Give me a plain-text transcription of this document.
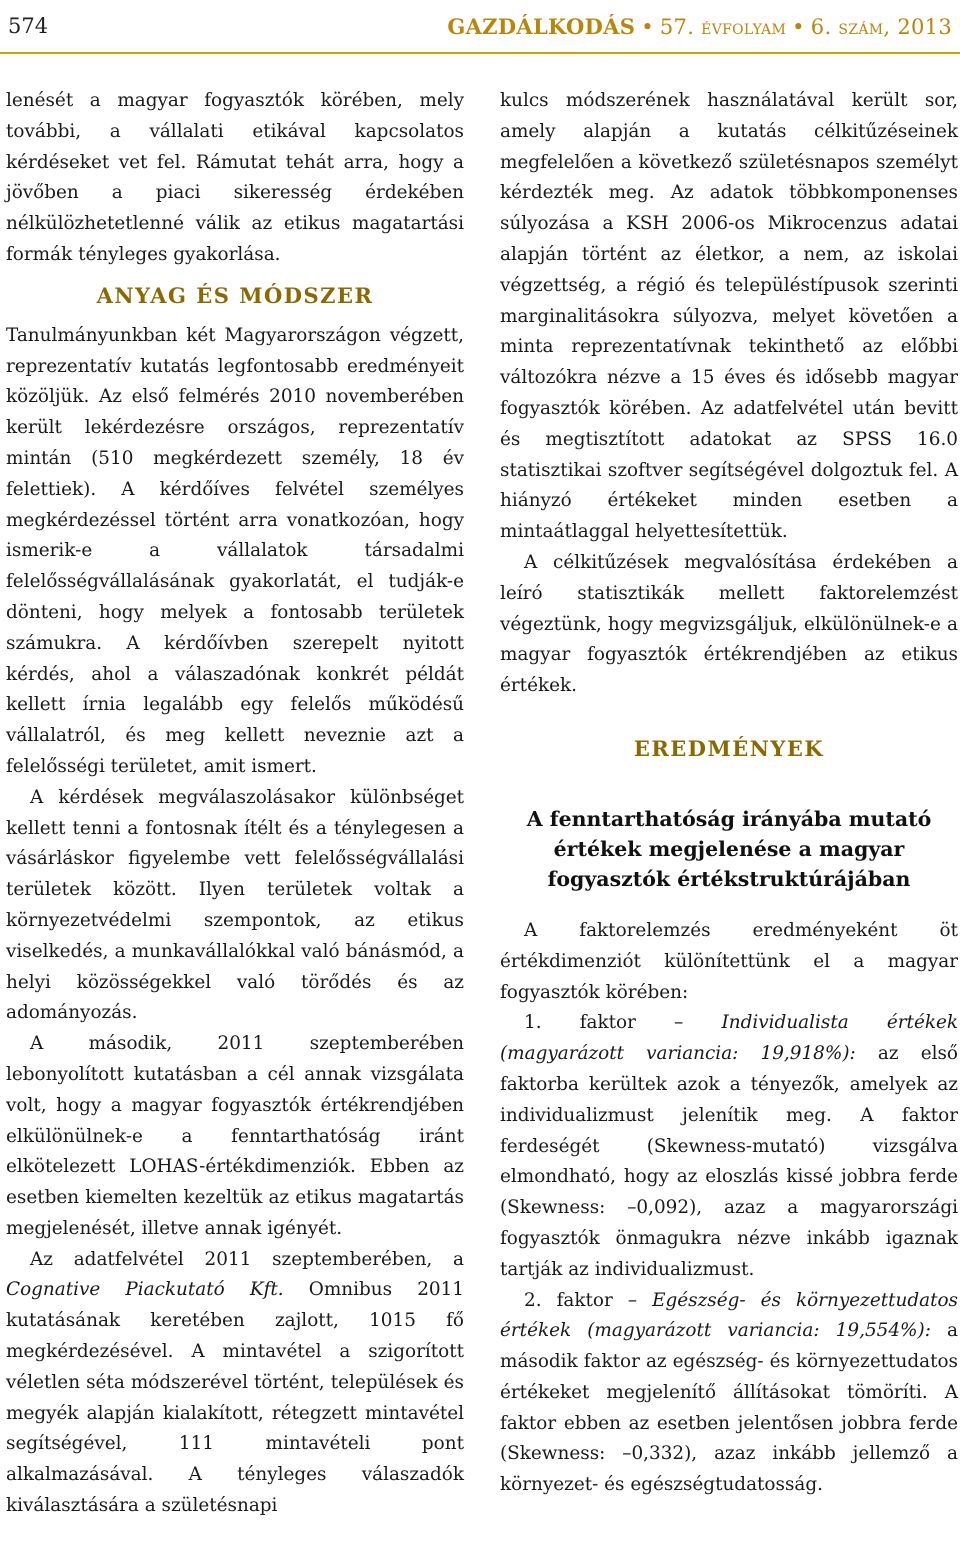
574	GAZDÁLKODÁS • 57. ÉVFOLYAM • 6. SZÁM, 2013

lenését a magyar fogyasztók körében, mely további, a vállalati etikával kapcsolatos kérdéseket vet fel. Rámutat tehát arra, hogy a jövőben a piaci sikeresség érdekében nélkülözhetetlenné válik az etikus magatartási formák tényleges gyakorlása.

ANYAG ÉS MÓDSZER

Tanulmányunkban két Magyarországon végzett, reprezentatív kutatás legfontosabb eredményeit közöljük. Az első felmérés 2010 novemberében került lekérdezésre országos, reprezentatív mintán (510 megkérdezett személy, 18 év felettiek). A kérdőíves felvétel személyes megkérdezéssel történt arra vonatkozóan, hogy ismerik-e a vállalatok társadalmi felelősségvállalásának gyakorlatát, el tudják-e dönteni, hogy melyek a fontosabb területek számukra. A kérdőívben szerepelt nyitott kérdés, ahol a válaszadónak konkrét példát kellett írnia legalább egy felelős működésű vállalatról, és meg kellett neveznie azt a felelősségi területet, amit ismert.

A kérdések megválaszolásakor különbséget kellett tenni a fontosnak ítélt és a ténylegesen a vásárláskor figyelembe vett felelősségvállalási területek között. Ilyen területek voltak a környezetvédelmi szempontok, az etikus viselkedés, a munkavállalókkal való bánásmód, a helyi közösségekkel való törődés és az adományozás.

A második, 2011 szeptemberében lebonyolított kutatásban a cél annak vizsgálata volt, hogy a magyar fogyasztók értékrendjében elkülönülnek-e a fenntarthatóság iránt elkötelezett LOHAS-értékdimenziók. Ebben az esetben kiemelten kezeltük az etikus magatartás megjelenését, illetve annak igényét.

Az adatfelvétel 2011 szeptemberében, a Cognative Piackutató Kft. Omnibus 2011 kutatásának keretében zajlott, 1015 fő megkérdezésével. A mintavétel a szigorított véletlen séta módszerével történt, települések és megyék alapján kialakított, rétegzett mintavétel segítségével, 111 mintavételi pont alkalmazásával. A tényleges válaszadók kiválasztására a születésnapi

kulcs módszerének használatával került sor, amely alapján a kutatás célkitűzéseinek megfelelően a következő születésnapos személyt kérdezték meg. Az adatok többkomponenses súlyozása a KSH 2006-os Mikrocenzus adatai alapján történt az életkor, a nem, az iskolai végzettség, a régió és településtípusok szerinti marginalitásokra súlyozva, melyet követően a minta reprezentatívnak tekinthető az előbbi változókra nézve a 15 éves és idősebb magyar fogyasztók körében. Az adatfelvétel után bevitt és megtisztított adatokat az SPSS 16.0 statisztikai szoftver segítségével dolgoztuk fel. A hiányzó értékeket minden esetben a mintaátlaggal helyettesítettük.

A célkitűzések megvalósítása érdekében a leíró statisztikák mellett faktorelemzést végeztünk, hogy megvizsgáljuk, elkülönülnek-e a magyar fogyasztók értékrendjében az etikus értékek.

EREDMÉNYEK
A fenntarthatóság irányába mutató értékek megjelenése a magyar fogyasztók értékstruktúrájában

A faktorelemzés eredményeként öt értékdimenziót különítettünk el a magyar fogyasztók körében:

1. faktor – Individualista értékek (magyarázott variancia: 19,918%): az első faktorba kerültek azok a tényezők, amelyek az individualizmust jelenítik meg. A faktor ferdeségét (Skewness-mutató) vizsgálva elmondható, hogy az eloszlás kissé jobbra ferde (Skewness: –0,092), azaz a magyarországi fogyasztók önmagukra nézve inkább igaznak tartják az individualizmust.

2. faktor – Egészség- és környezettudatos értékek (magyarázott variancia: 19,554%): a második faktor az egészség- és környezettudatos értékeket megjelenítő állításokat tömöríti. A faktor ebben az esetben jelentősen jobbra ferde (Skewness: –0,332), azaz inkább jellemző a környezet- és egészségtudatosság.
